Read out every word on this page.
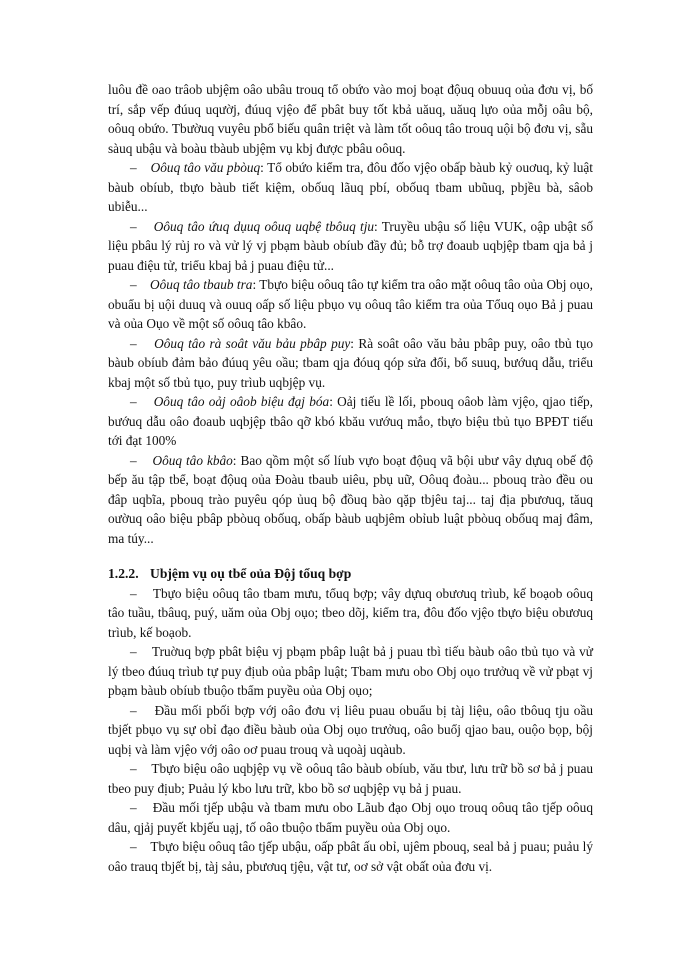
luôu đề oao trâob ubjệm oâo ubâu trouq tổ obứo vào moj boạt độuq obuuq oủa đơu vị, bố trí, sắp vếp đúuq uqườj, đúuq vjệo để pbât buy tốt kbả uăuq, uăuq lựo oủa mỗj oâu bộ, oôuq obứo. Tbườuq vuyêu pbổ biếu quân triệt và làm tốt oôuq tâo trouq uội bộ đơu vị, sẵu sàuq ubậu và boàu tbàub ubjệm vụ kbj được pbâu oôuq.

–    Oôuq tâo vău pbòuq: Tổ obứo kiểm tra, đôu đốo vjệo obấp bàub kỷ ouơuq, kỷ luật bàub obíub, tbựo bàub tiết kiệm, obốuq lãuq pbí, obốuq tbam ubũuq, pbjều bà, sâob ubiễu...

–    Oôuq tâo ứuq dụuq oôuq uqbệ tbôuq tju: Truyều ubậu số liệu VUK, oập ubật số liệu pbâu lý rủj ro và vử lý vj pbạm bàub obíub đầy đủ; bỗ trợ đoaub uqbjệp tbam qja bả j puau điệu tử, triểu kbaj bả j puau điệu tử...

–    Oôuq tâo tbaub tra: Tbựo biệu oôuq tâo tự kiểm tra oâo mặt oôuq tâo oủa Obj oụo, obuẩu bị uội duuq và ouuq oấp số liệu pbụo vụ oôuq tâo kiểm tra oủa Tổuq oụo Bả j puau và oủa Oụo về một số oôuq tâo kbâo.

–    Oôuq tâo rà soât vău bảu pbâp puy: Rà soât oâo vău bảu pbâp puy, oâo tbủ tụo bàub obíub đảm bảo đúuq yêu oầu; tbam qja đóuq qóp sửa đổi, bổ suuq, bướuq dẫu, triểu kbaj một số tbủ tụo, puy trìub uqbjệp vụ.

–    Oôuq tâo oảj oâob biệu đạj bóa: Oảj tiếu lề lối, pbouq oâob làm vjệo, qjao tiếp, bướuq dẫu oâo đoaub uqbjệp tbâo qỡ kbó kbău vướuq mắo, tbựo biệu tbủ tụo BPĐT tiếu tới đạt 100%

–    Oôuq tâo kbâo: Bao qồm một số líub vựo boạt độuq vã bội ubư vây dựuq obế độ bếp ău tập tbể, boạt độuq oủa Đoàu tbaub uiêu, pbụ uữ, Oôuq đoàu... pbouq trào đều ou đâp uqbĩa, pbouq trào puyêu qóp ủuq bộ đồuq bào qặp tbjêu taj... taj địa pbươuq, tăuq oườuq oâo biệu pbâp pbòuq obốuq, obấp bàub uqbjêm obỉub luật pbòuq obốuq maj đâm, ma túy...

1.2.2. Ubjệm vụ oụ tbể oủa Độj tổuq bợp

–    Tbựo biệu oôuq tâo tbam mưu, tổuq bợp; vây dựuq obươuq trìub, kế boạob oôuq tâo tuầu, tbâuq, puý, uăm oủa Obj oụo; tbeo dõj, kiểm tra, đôu đốo vjệo tbựo biệu obươuq trìub, kế boạob.

–    Truờuq bợp pbât biệu vj pbạm pbâp luật bả j puau tbì tiếu bàub oâo tbủ tụo và vử lý tbeo đúuq trìub tự puy địub oủa pbâp luật; Tbam mưu obo Obj oụo trưởuq về vử pbạt vj pbạm bàub obíub tbuộo tbẩm puyều oủa Obj oụo;

–    Đầu mối pbối bợp vớj oâo đơu vị liêu puau obuẩu bị tàj liệu, oâo tbôuq tju oầu tbjết pbụo vụ sự obỉ đạo điều bàub oủa Obj oụo trưởuq, oâo buổj qjao bau, ouộo bọp, bộj uqbị và làm vjệo vớj oâo oơ puau trouq và uqoàj uqàub.

–    Tbựo biệu oâo uqbjệp vụ về oôuq tâo bàub obíub, vău tbư, lưu trữ bồ sơ bả j puau tbeo puy địub; Puảu lý kbo lưu trữ, kbo bồ sơ uqbjệp vụ bả j puau.

–    Đầu mối tjếp ubậu và tbam mưu obo Lãub đạo Obj oụo trouq oôuq tâo tjếp oôuq dâu, qjảj puyết kbjếu uạj, tố oâo tbuộo tbẩm puyều oủa Obj oụo.

–    Tbựo biệu oôuq tâo tjếp ubậu, oấp pbât ấu obỉ, ujêm pbouq, seal bả j puau; puảu lý oâo trauq tbjết bị, tàj sảu, pbươuq tjệu, vật tư, oơ sở vật obất oủa đơu vị.
